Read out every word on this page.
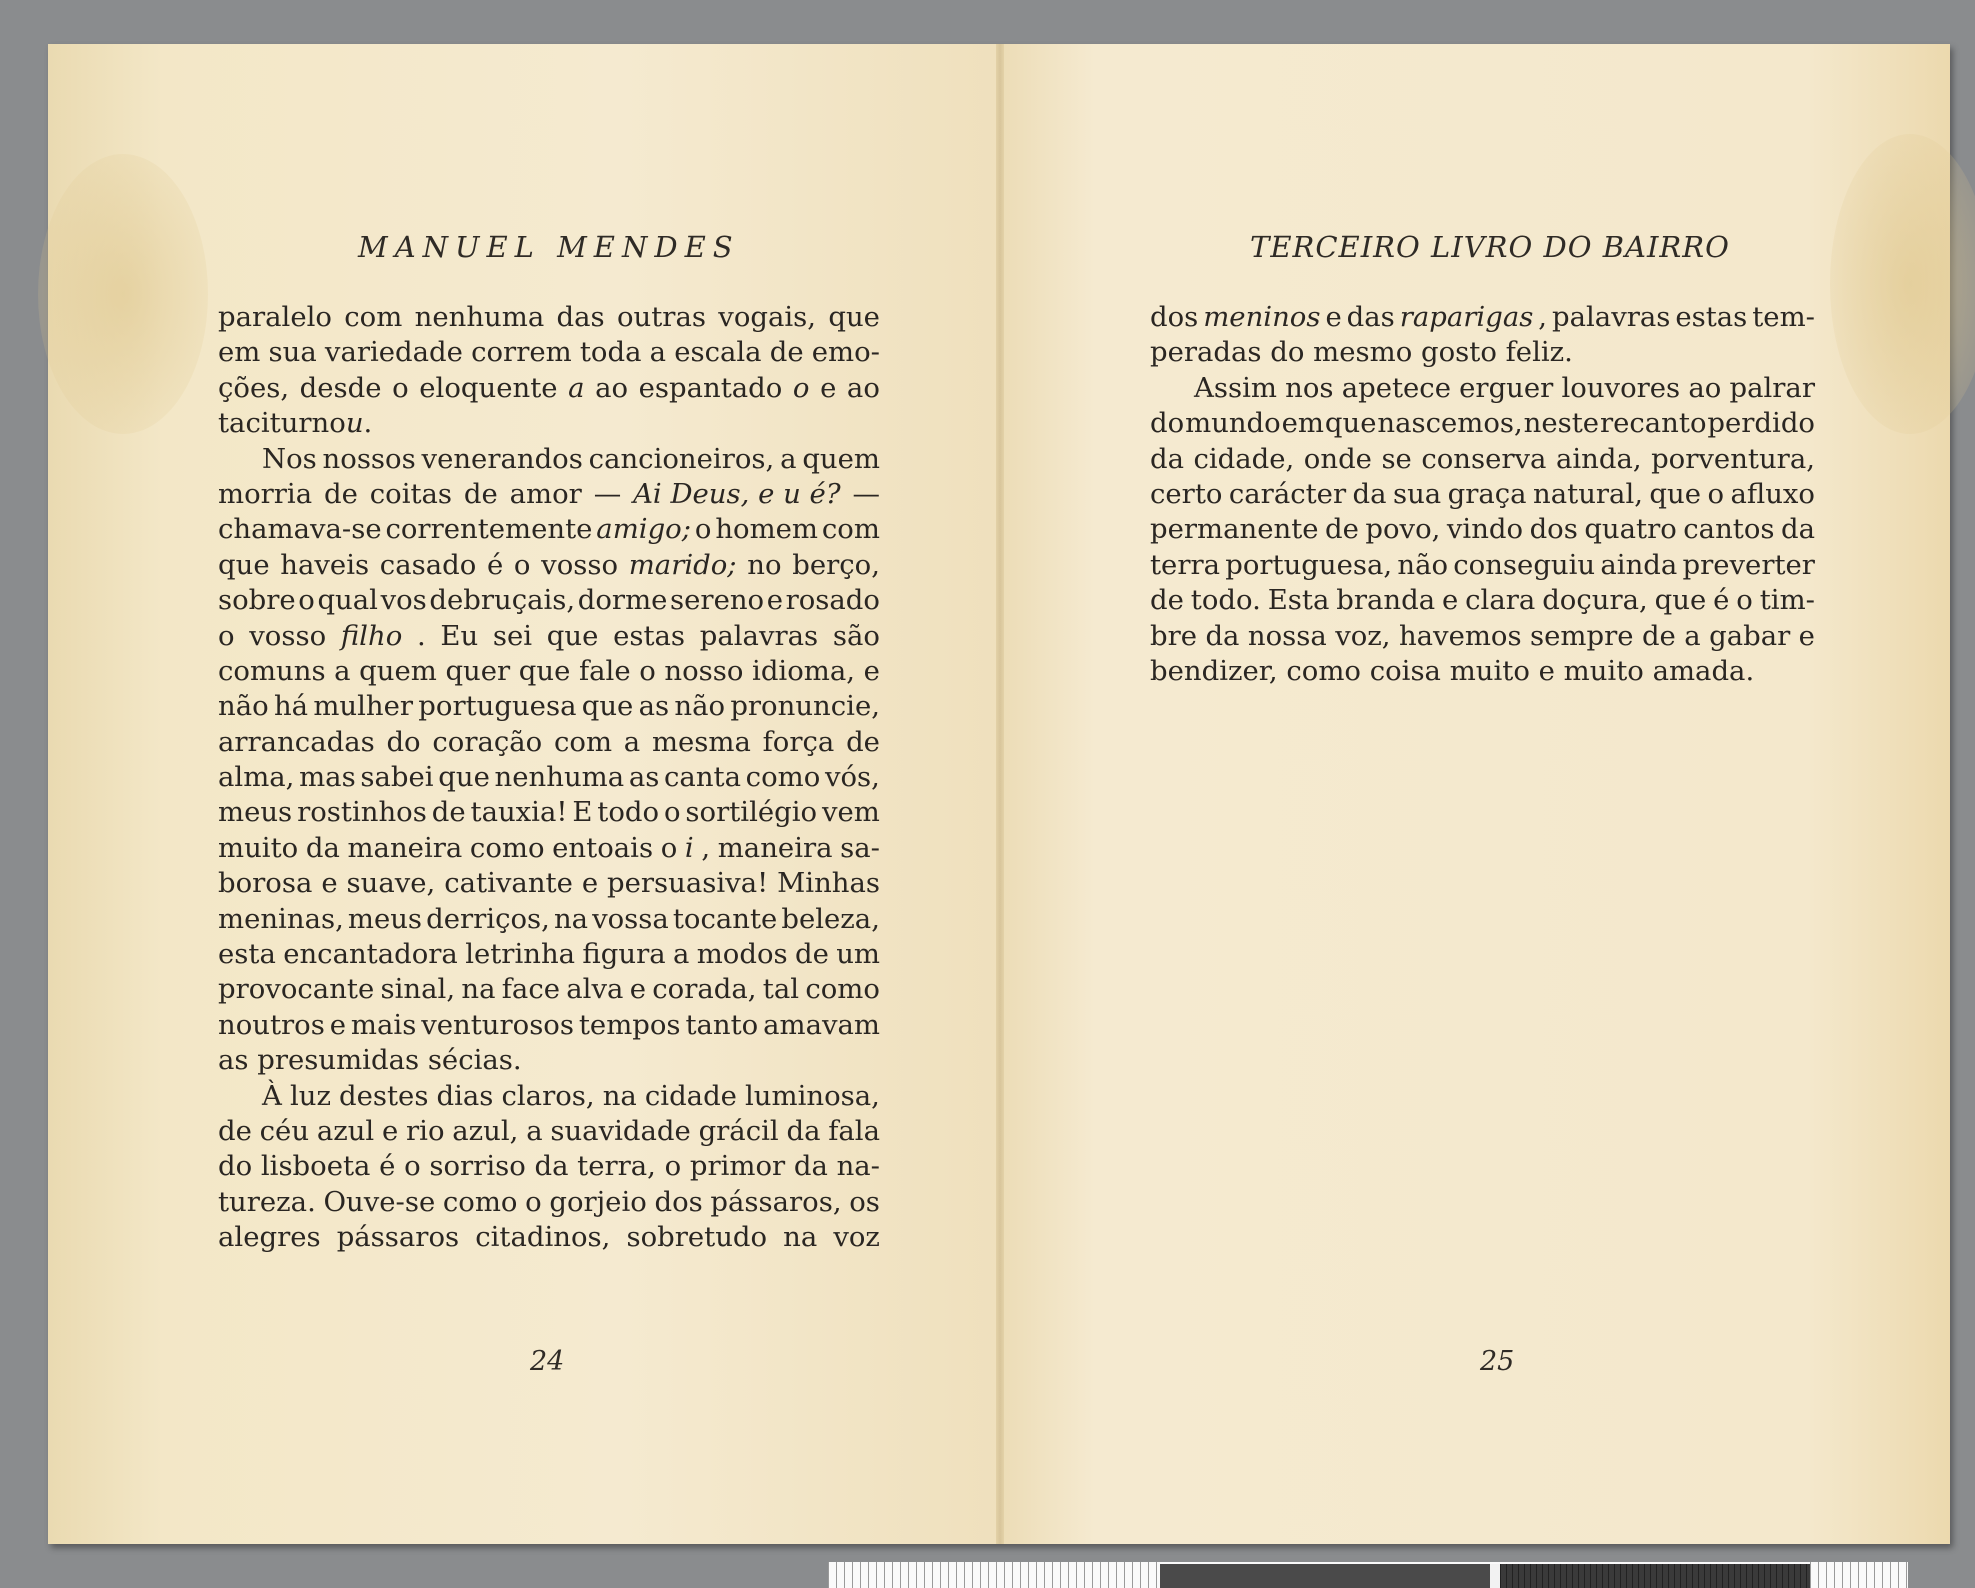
MANUEL MENDES
paralelo com nenhuma das outras vogais, que
em sua variedade correm toda a escala de emo-
ções, desde o eloquente a ao espantado o e ao
taciturno u .
Nos nossos venerandos cancioneiros, a quem
morria de coitas de amor — Ai Deus, e u é? —
chamava-se correntemente amigo; o homem com
que haveis casado é o vosso marido; no berço,
sobre o qual vos debruçais, dorme sereno e rosado
o vosso filho . Eu sei que estas palavras são
comuns a quem quer que fale o nosso idioma, e
não há mulher portuguesa que as não pronuncie,
arrancadas do coração com a mesma força de
alma, mas sabei que nenhuma as canta como vós,
meus rostinhos de tauxia! E todo o sortilégio vem
muito da maneira como entoais o i , maneira sa-
borosa e suave, cativante e persuasiva! Minhas
meninas, meus derriços, na vossa tocante beleza,
esta encantadora letrinha figura a modos de um
provocante sinal, na face alva e corada, tal como
noutros e mais venturosos tempos tanto amavam
as presumidas sécias.
À luz destes dias claros, na cidade luminosa,
de céu azul e rio azul, a suavidade grácil da fala
do lisboeta é o sorriso da terra, o primor da na-
tureza. Ouve-se como o gorjeio dos pássaros, os
alegres pássaros citadinos, sobretudo na voz
24
TERCEIRO LIVRO DO BAIRRO
dos meninos e das raparigas , palavras estas tem-
peradas do mesmo gosto feliz.
Assim nos apetece erguer louvores ao palrar
do mundo em que nascemos, neste recanto perdido
da cidade, onde se conserva ainda, porventura,
certo carácter da sua graça natural, que o afluxo
permanente de povo, vindo dos quatro cantos da
terra portuguesa, não conseguiu ainda preverter
de todo. Esta branda e clara doçura, que é o tim-
bre da nossa voz, havemos sempre de a gabar e
bendizer, como coisa muito e muito amada.
25
